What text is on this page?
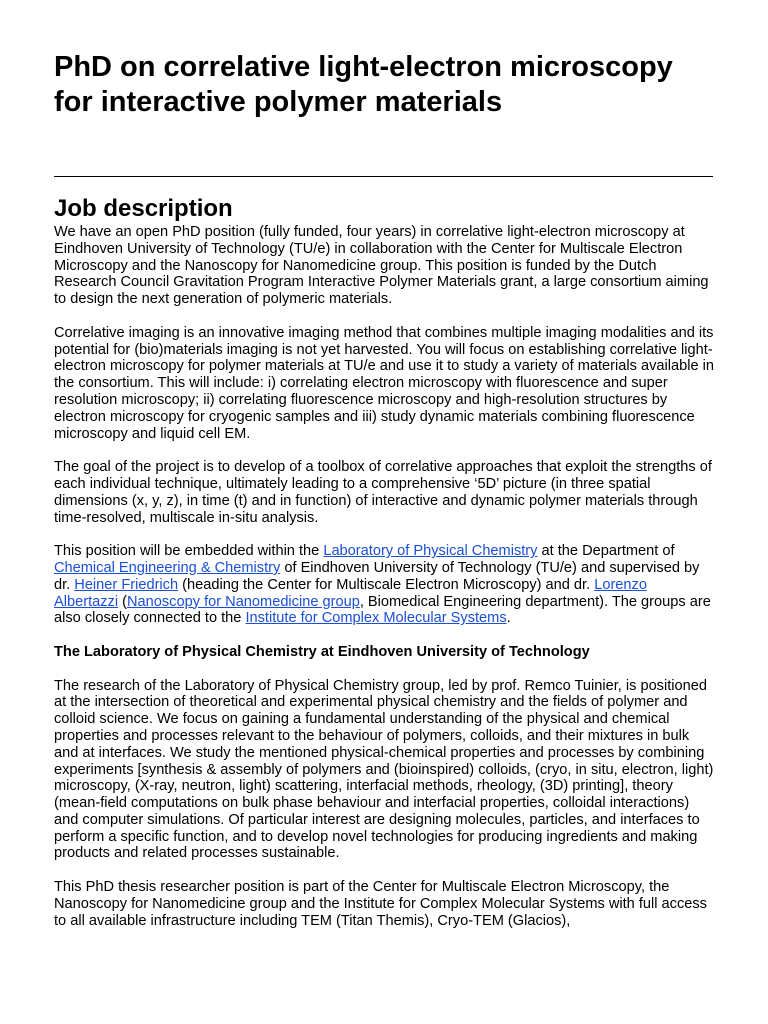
PhD on correlative light-electron microscopy for interactive polymer materials
Job description

We have an open PhD position (fully funded, four years) in correlative light-electron microscopy at Eindhoven University of Technology (TU/e) in collaboration with the Center for Multiscale Electron Microscopy and the Nanoscopy for Nanomedicine group. This position is funded by the Dutch Research Council Gravitation Program Interactive Polymer Materials grant, a large consortium aiming to design the next generation of polymeric materials.

Correlative imaging is an innovative imaging method that combines multiple imaging modalities and its potential for (bio)materials imaging is not yet harvested. You will focus on establishing correlative light-electron microscopy for polymer materials at TU/e and use it to study a variety of materials available in the consortium. This will include: i) correlating electron microscopy with fluorescence and super resolution microscopy; ii) correlating fluorescence microscopy and high-resolution structures by electron microscopy for cryogenic samples and iii) study dynamic materials combining fluorescence microscopy and liquid cell EM.

The goal of the project is to develop of a toolbox of correlative approaches that exploit the strengths of each individual technique, ultimately leading to a comprehensive ‘5D’ picture (in three spatial dimensions (x, y, z), in time (t) and in function) of interactive and dynamic polymer materials through time-resolved, multiscale in-situ analysis.

This position will be embedded within the Laboratory of Physical Chemistry at the Department of Chemical Engineering & Chemistry of Eindhoven University of Technology (TU/e) and supervised by dr. Heiner Friedrich (heading the Center for Multiscale Electron Microscopy) and dr. Lorenzo Albertazzi (Nanoscopy for Nanomedicine group, Biomedical Engineering department). The groups are also closely connected to the Institute for Complex Molecular Systems.

The Laboratory of Physical Chemistry at Eindhoven University of Technology

The research of the Laboratory of Physical Chemistry group, led by prof. Remco Tuinier, is positioned at the intersection of theoretical and experimental physical chemistry and the fields of polymer and colloid science. We focus on gaining a fundamental understanding of the physical and chemical properties and processes relevant to the behaviour of polymers, colloids, and their mixtures in bulk and at interfaces. We study the mentioned physical-chemical properties and processes by combining experiments [synthesis & assembly of polymers and (bioinspired) colloids, (cryo, in situ, electron, light) microscopy, (X-ray, neutron, light) scattering, interfacial methods, rheology, (3D) printing], theory (mean-field computations on bulk phase behaviour and interfacial properties, colloidal interactions) and computer simulations. Of particular interest are designing molecules, particles, and interfaces to perform a specific function, and to develop novel technologies for producing ingredients and making products and related processes sustainable.

This PhD thesis researcher position is part of the Center for Multiscale Electron Microscopy, the Nanoscopy for Nanomedicine group and the Institute for Complex Molecular Systems with full access to all available infrastructure including TEM (Titan Themis), Cryo-TEM (Glacios),
